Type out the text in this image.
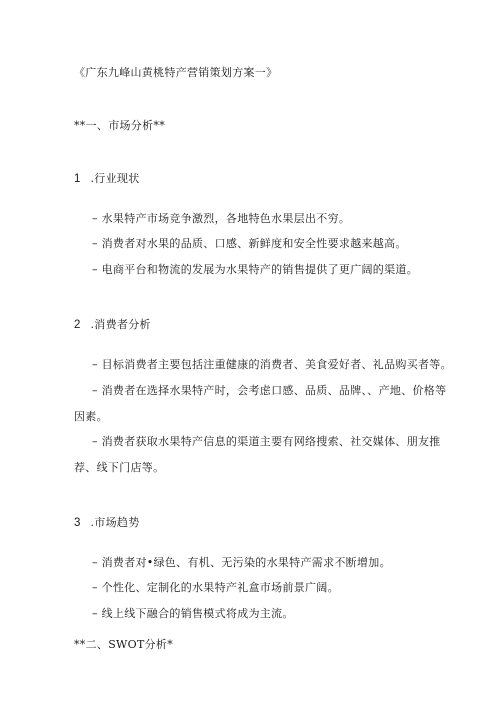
《广东九峰山黄桃特产营销策划方案一》
**一、市场分析**
1 .行业现状
– 水果特产市场竞争激烈，各地特色水果层出不穷。
– 消费者对水果的品质、口感、新鲜度和安全性要求越来越高。
– 电商平台和物流的发展为水果特产的销售提供了更广阔的渠道。
2 .消费者分析
– 目标消费者主要包括注重健康的消费者、美食爱好者、礼品购买者等。
– 消费者在选择水果特产时，会考虑口感、品质、品牌、、产地、价格等
因素。
– 消费者获取水果特产信息的渠道主要有网络搜索、社交媒体、朋友推
荐、线下门店等。
3 .市场趋势
– 消费者对•绿色、有机、无污染的水果特产需求不断增加。
– 个性化、定制化的水果特产礼盒市场前景广阔。
– 线上线下融合的销售模式将成为主流。
**二、SWOT分析*
